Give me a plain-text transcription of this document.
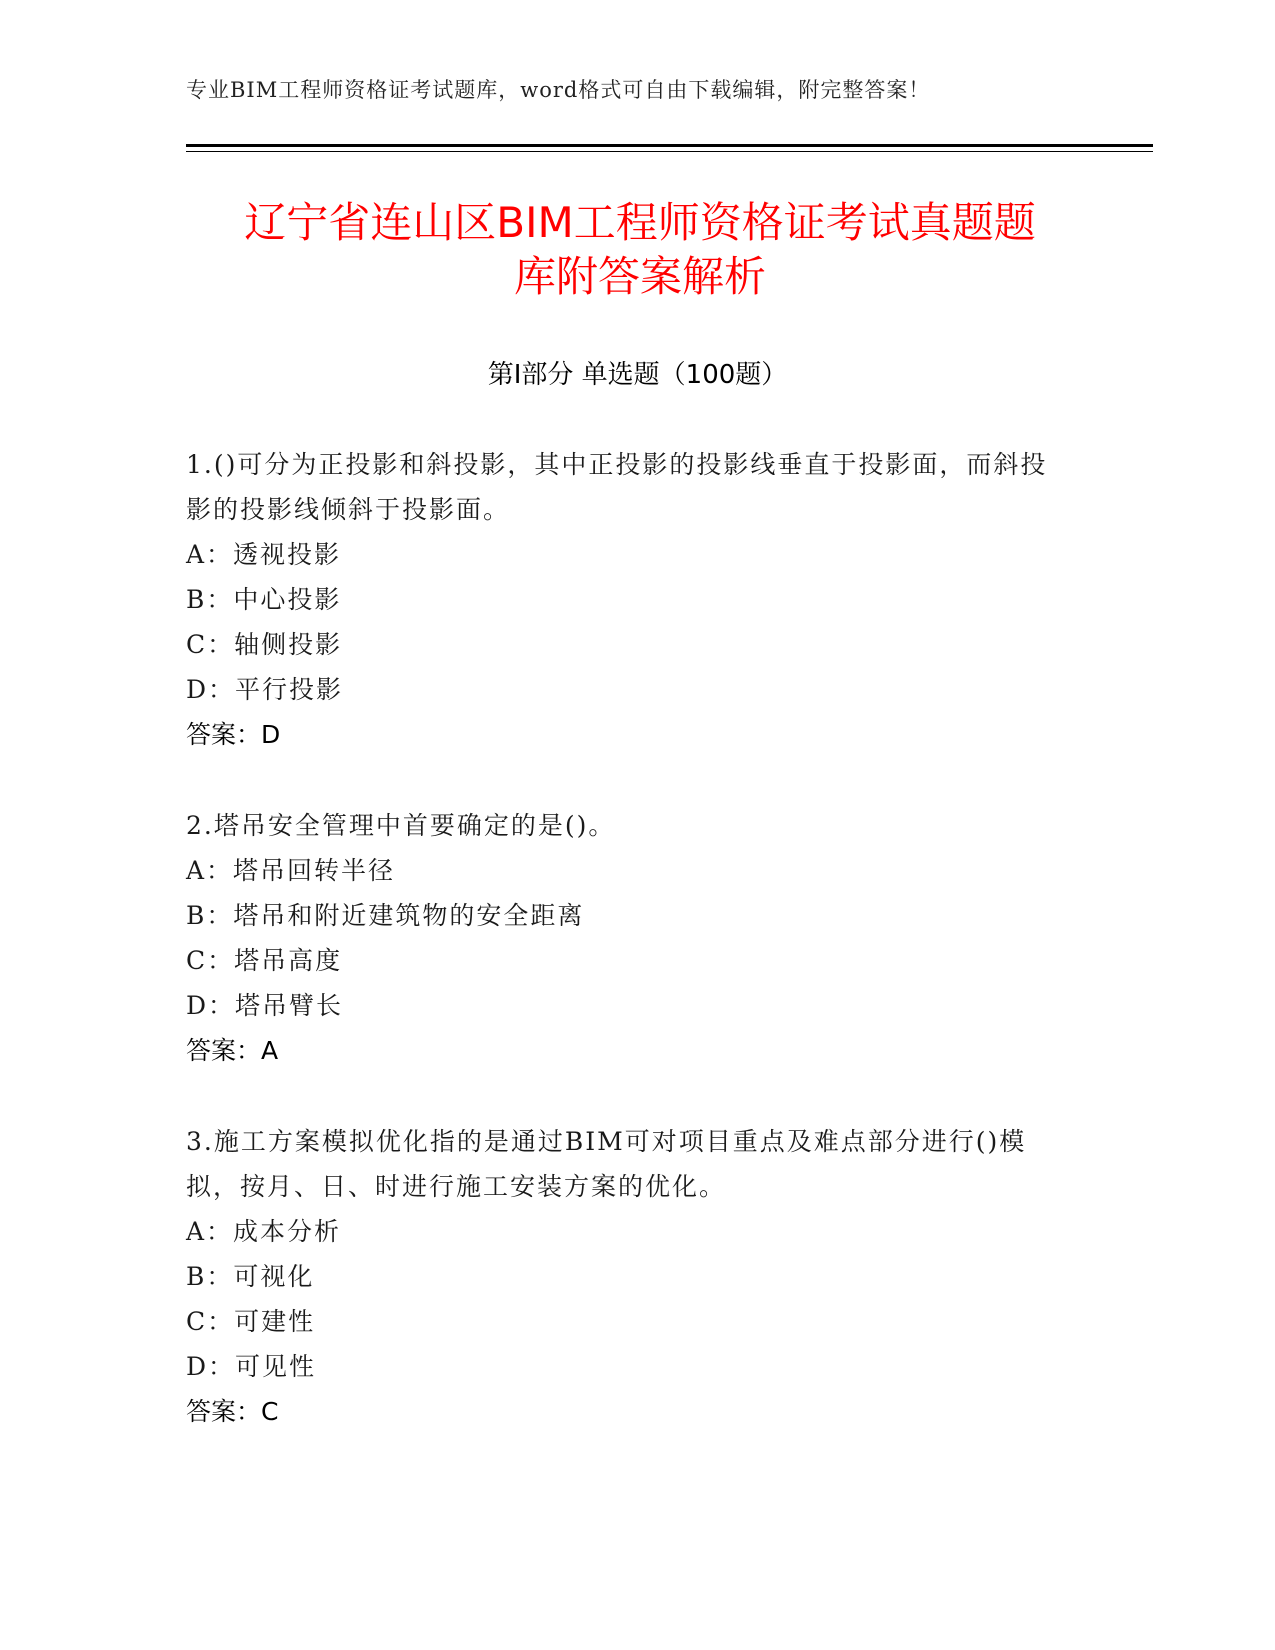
专业BIM工程师资格证考试题库，word格式可自由下载编辑，附完整答案！
辽宁省连山区BIM工程师资格证考试真题题
库附答案解析
第Ⅰ部分 单选题（100题）
1.()可分为正投影和斜投影，其中正投影的投影线垂直于投影面，而斜投影的投影线倾斜于投影面。
A：透视投影
B：中心投影
C：轴侧投影
D：平行投影
答案：D
2.塔吊安全管理中首要确定的是()。
A：塔吊回转半径
B：塔吊和附近建筑物的安全距离
C：塔吊高度
D：塔吊臂长
答案：A
3.施工方案模拟优化指的是通过BIM可对项目重点及难点部分进行()模拟，按月、日、时进行施工安装方案的优化。
A：成本分析
B：可视化
C：可建性
D：可见性
答案：C
